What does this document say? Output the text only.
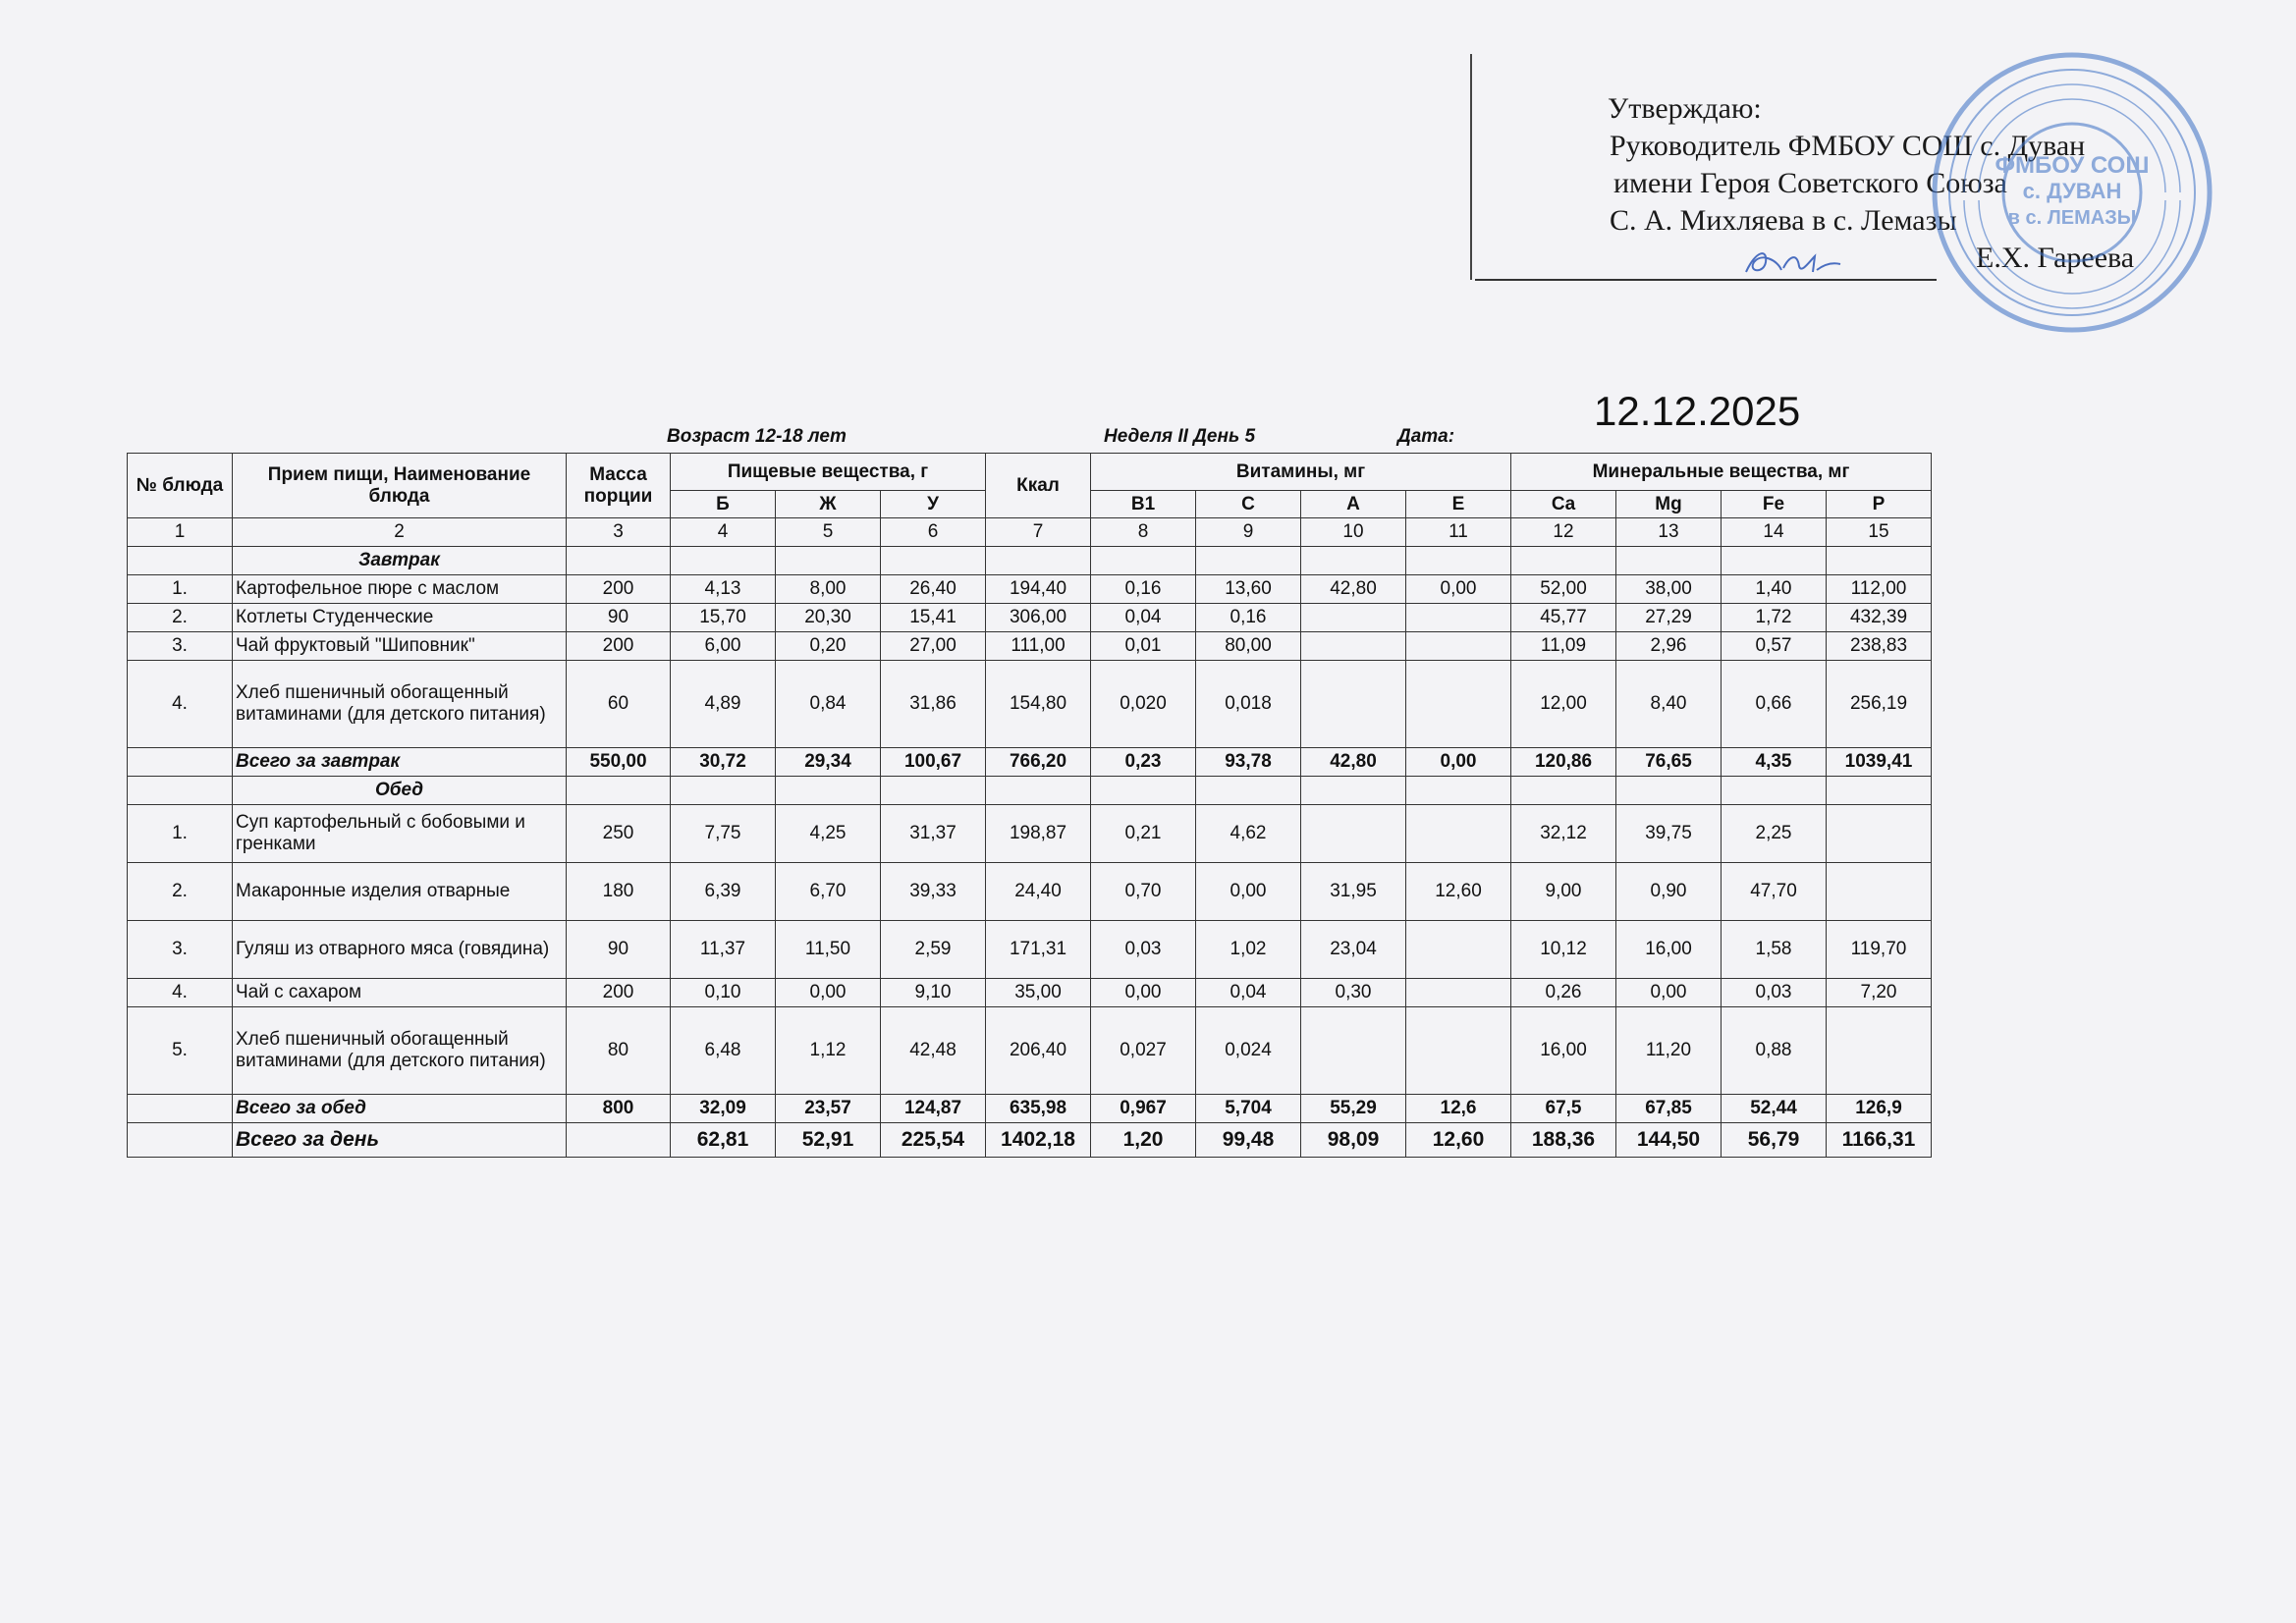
Утверждаю:
Руководитель ФМБОУ СОШ с. Дуван
имени Героя Советского Союза
С. А. Михляева в с. Лемазы
Е.Х. Гареева
ФМБОУ СОШ
с. ДУВАН
в с. ЛЕМАЗЫ
12.12.2025
Возраст 12-18 лет	Неделя II День 5	Дата:
№ блюда	Прием пищи, Наименование блюда	Масса порции	Пищевые вещества, г			Ккал	Витамины, мг				Минеральные вещества, мг			
			Б	Ж	У		B1	C	A	E	Ca	Mg	Fe	P
1	2	3	4	5	6	7	8	9	10	11	12	13	14	15
	Завтрак													
1.	Картофельное пюре с маслом	200	4,13	8,00	26,40	194,40	0,16	13,60	42,80	0,00	52,00	38,00	1,40	112,00
2.	Котлеты Студенческие	90	15,70	20,30	15,41	306,00	0,04	0,16			45,77	27,29	1,72	432,39
3.	Чай фруктовый "Шиповник"	200	6,00	0,20	27,00	111,00	0,01	80,00			11,09	2,96	0,57	238,83
4.	Хлеб пшеничный обогащенный витаминами (для детского питания)	60	4,89	0,84	31,86	154,80	0,020	0,018			12,00	8,40	0,66	256,19
	Всего за завтрак	550,00	30,72	29,34	100,67	766,20	0,23	93,78	42,80	0,00	120,86	76,65	4,35	1039,41
	Обед													
1.	Суп картофельный с бобовыми и гренками	250	7,75	4,25	31,37	198,87	0,21	4,62			32,12	39,75	2,25	
2.	Макаронные изделия отварные	180	6,39	6,70	39,33	24,40	0,70	0,00	31,95	12,60	9,00	0,90	47,70	
3.	Гуляш из отварного мяса (говядина)	90	11,37	11,50	2,59	171,31	0,03	1,02	23,04		10,12	16,00	1,58	119,70
4.	Чай с сахаром	200	0,10	0,00	9,10	35,00	0,00	0,04	0,30		0,26	0,00	0,03	7,20
5.	Хлеб пшеничный обогащенный витаминами (для детского питания)	80	6,48	1,12	42,48	206,40	0,027	0,024			16,00	11,20	0,88	
	Всего за обед	800	32,09	23,57	124,87	635,98	0,967	5,704	55,29	12,6	67,5	67,85	52,44	126,9
	Всего за день		62,81	52,91	225,54	1402,18	1,20	99,48	98,09	12,60	188,36	144,50	56,79	1166,31
